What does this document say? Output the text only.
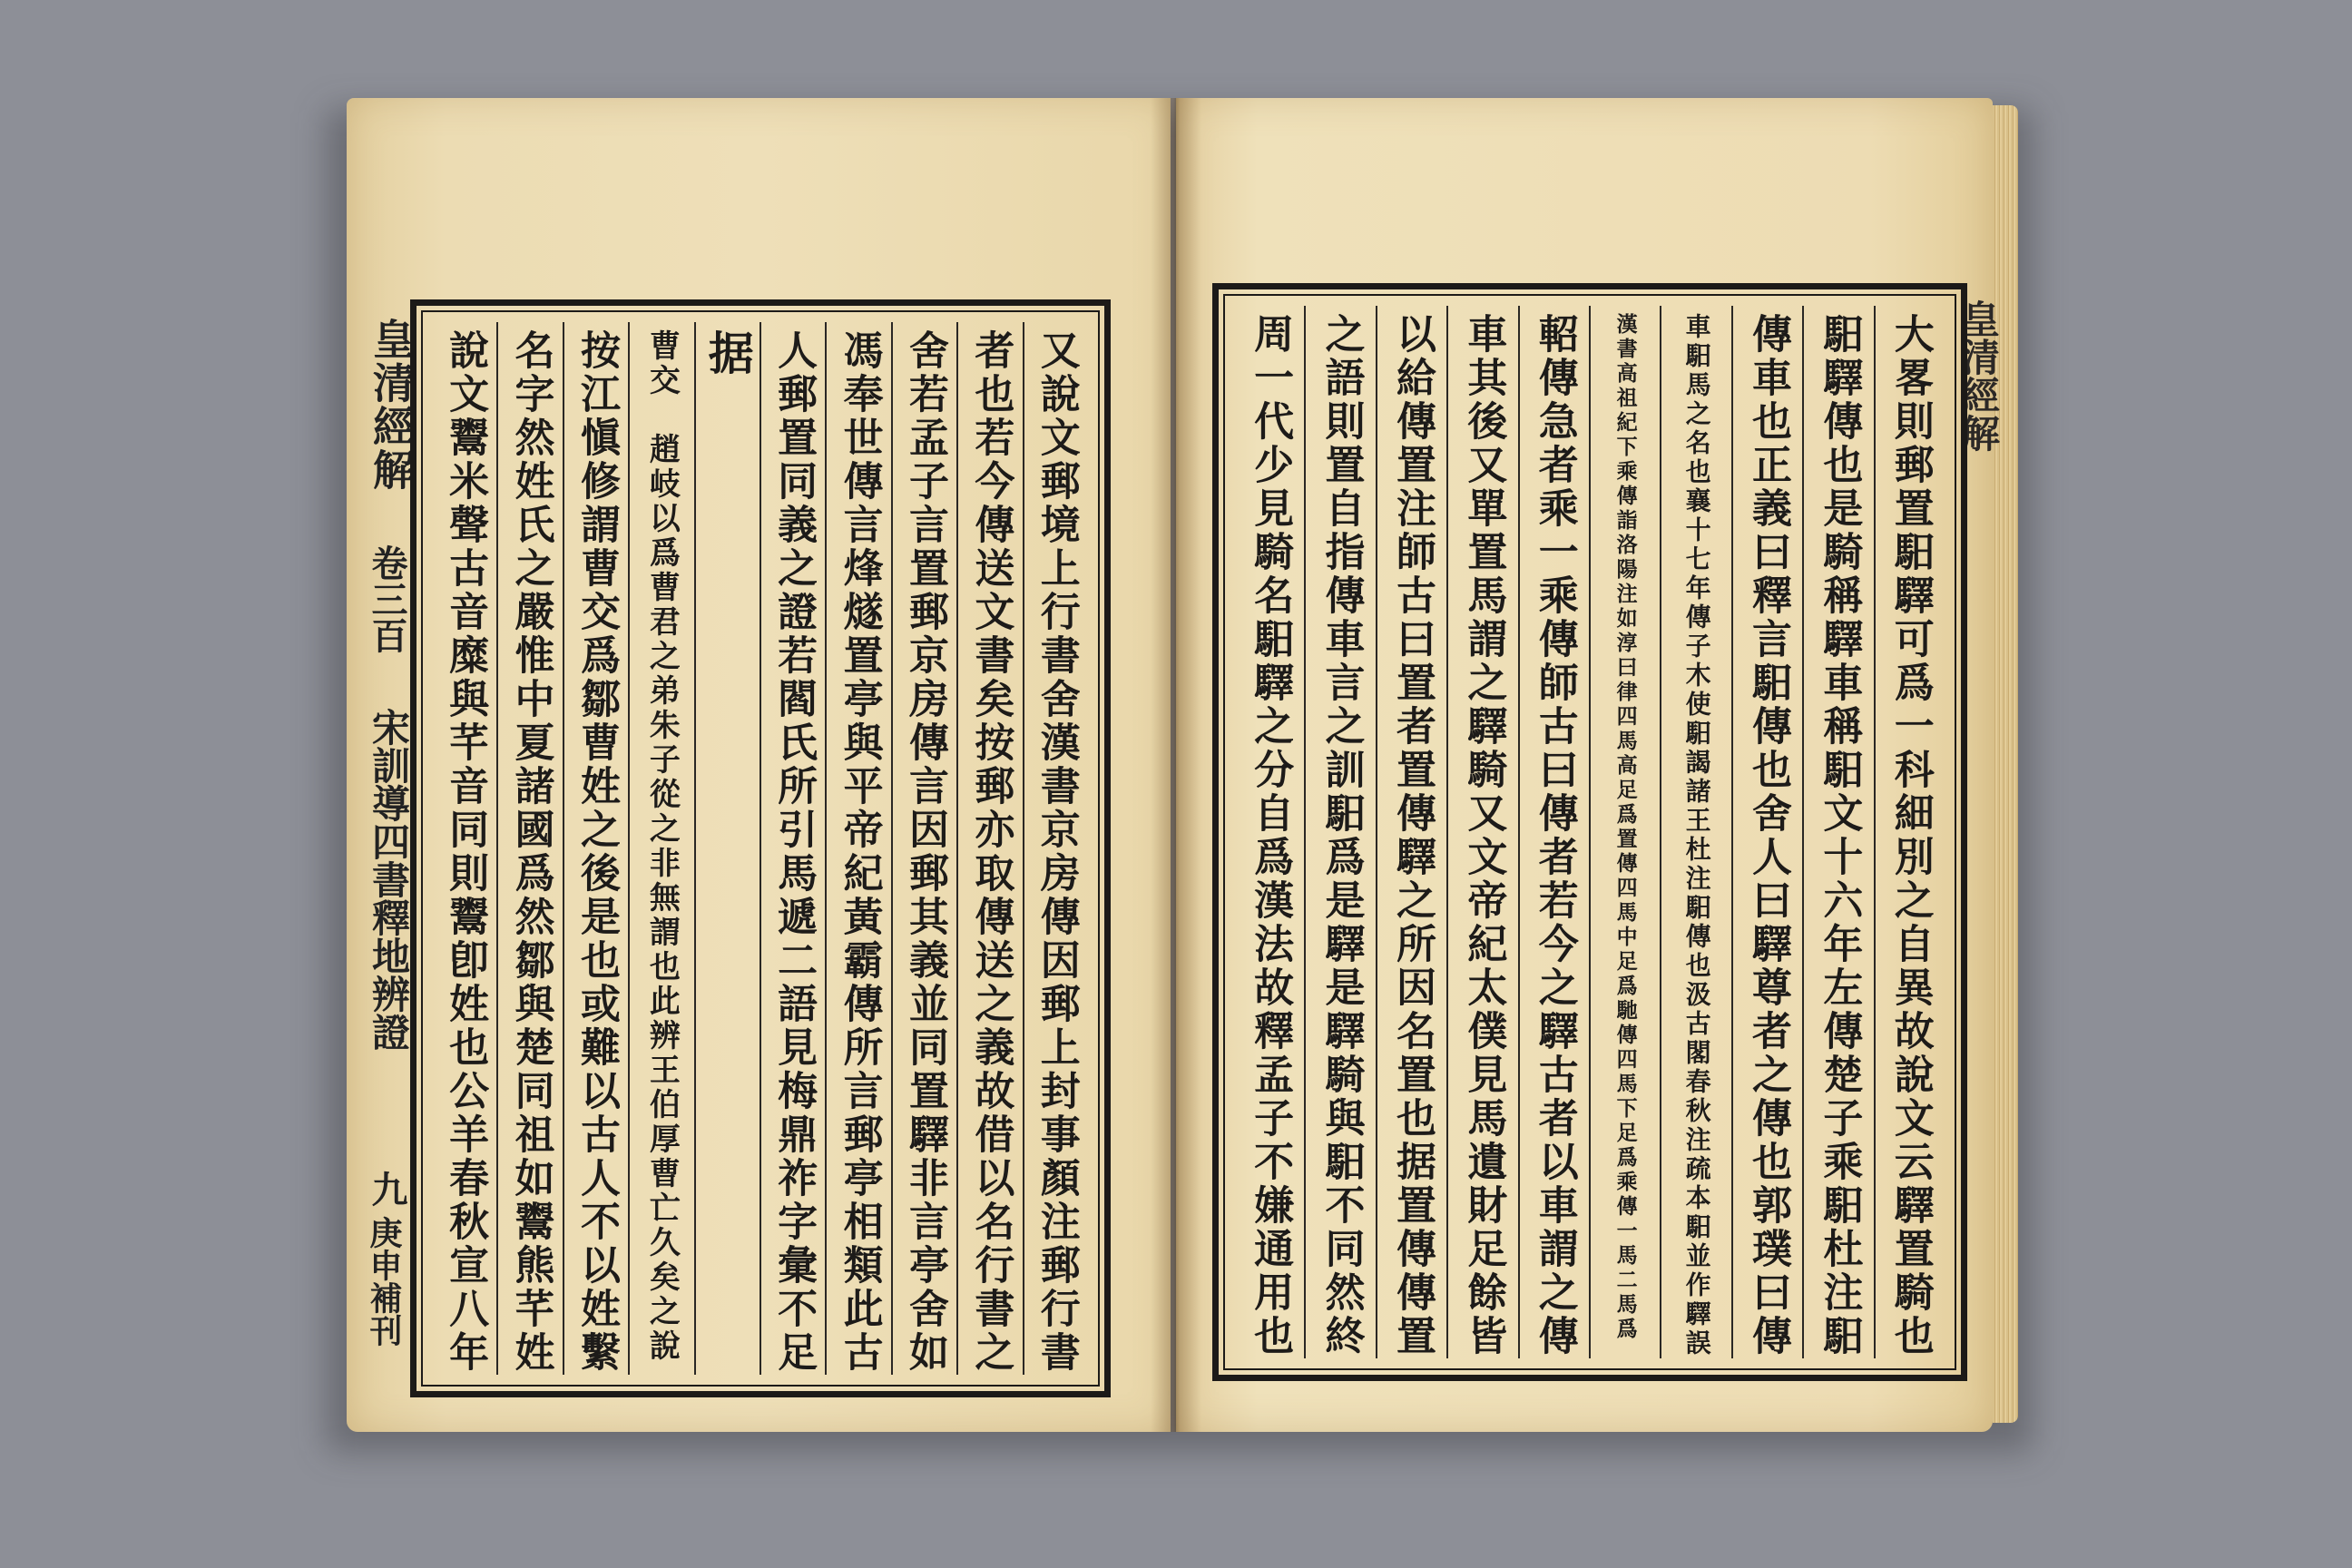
皇清經解
卷三百
宋訓導四書釋地辨證
九
庚申補刊
皇清經解
又說文郵境上行書舍漢書京房傳因郵上封事顏注郵行書
者也若今傳送文書矣按郵亦取傳送之義故借以名行書之
舍若孟子言置郵京房傳言因郵其義並同置驛非言亭舍如
馮奉世傳言烽燧置亭與平帝紀黃霸傳所言郵亭相類此古
人郵置同義之證若閻氏所引馬遞二語見梅鼎祚字彙不足
据
曹交　趙岐以爲曹君之弟朱子從之非無謂也此辨王伯厚曹亡久矣之說
按江愼修謂曹交爲鄒曹姓之後是也或難以古人不以姓繫
名字然姓氏之嚴惟中夏諸國爲然鄒與楚同祖如鬻熊芊姓
說文鬻米聲古音糜與芊音同則鬻卽姓也公羊春秋宣八年	大畧則郵置馹驛可爲一科細別之自異故說文云驛置騎也
馹驛傳也是騎稱驛車稱馹文十六年左傳楚子乘馹杜注馹
傳車也正義曰釋言馹傳也舍人曰驛尊者之傳也郭璞曰傳
車馹馬之名也襄十七年傳子木使馹謁諸王杜注馹傳也汲古閣春秋注疏本馹並作驛誤
漢書高祖紀下乘傳詣洛陽注如淳曰律四馬高足爲置傳四馬中足爲馳傳四馬下足爲乘傳一馬二馬爲
軺傳急者乘一乘傳師古曰傳者若今之驛古者以車謂之傳
車其後又單置馬謂之驛騎又文帝紀太僕見馬遺財足餘皆
以給傳置注師古曰置者置傳驛之所因名置也据置傳傳置
之語則置自指傳車言之訓馹爲是驛是驛騎與馹不同然終
周一代少見騎名馹驛之分自爲漢法故釋孟子不嫌通用也
